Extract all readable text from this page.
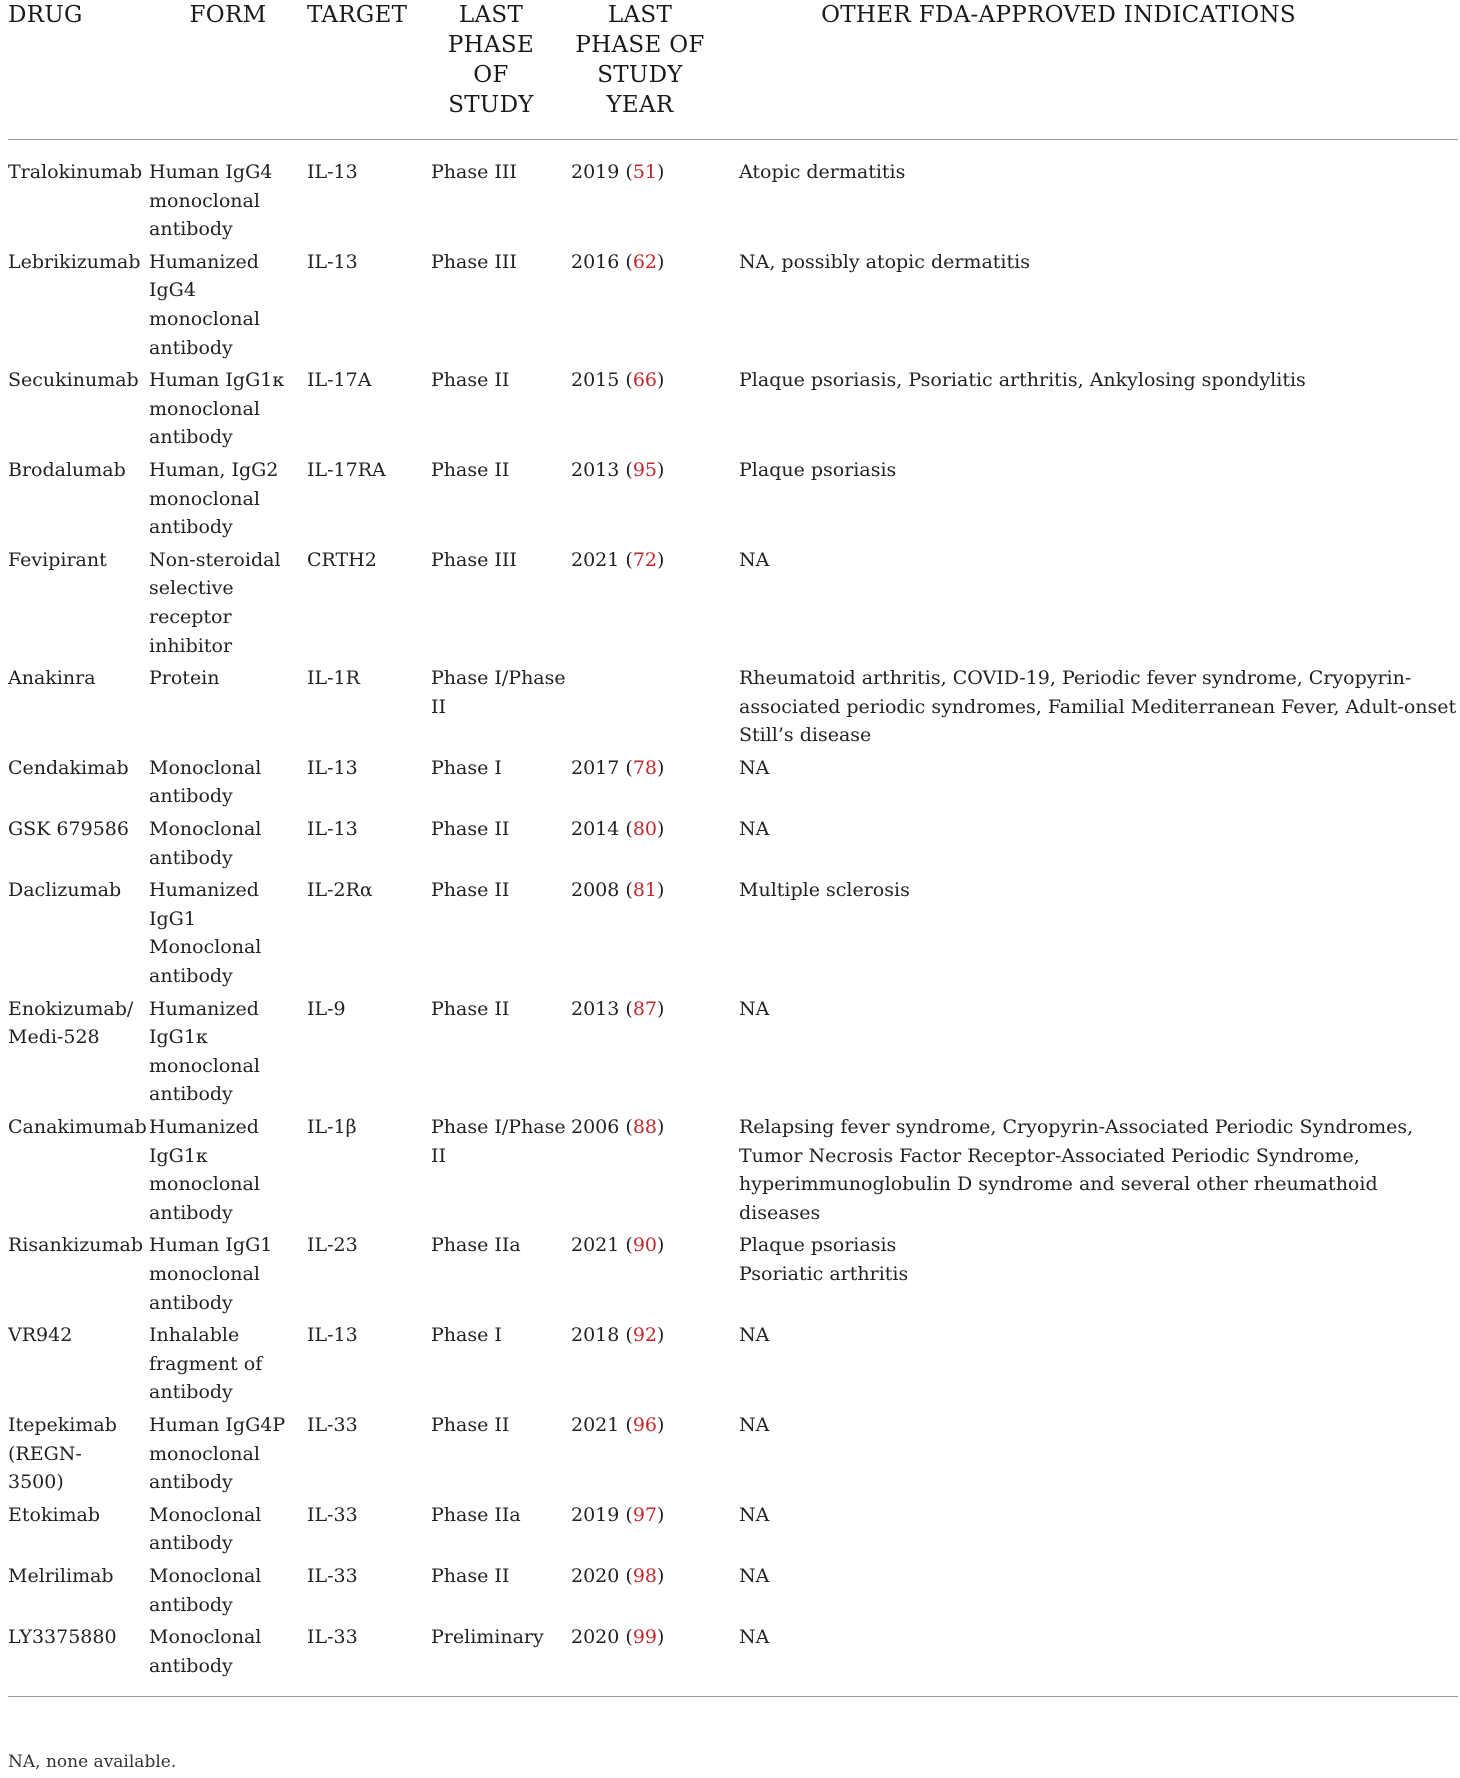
DRUG	FORM	TARGET	LAST PHASE OF STUDY	LAST PHASE OF STUDY YEAR	OTHER FDA-APPROVED INDICATIONS
Tralokinumab	Human IgG4 monoclonal antibody	IL-13	Phase III	2019 (51)	Atopic dermatitis
Lebrikizumab	Humanized IgG4 monoclonal antibody	IL-13	Phase III	2016 (62)	NA, possibly atopic dermatitis
Secukinumab	Human IgG1κ monoclonal antibody	IL-17A	Phase II	2015 (66)	Plaque psoriasis, Psoriatic arthritis, Ankylosing spondylitis
Brodalumab	Human, IgG2 monoclonal antibody	IL-17RA	Phase II	2013 (95)	Plaque psoriasis
Fevipirant	Non-steroidal selective receptor inhibitor	CRTH2	Phase III	2021 (72)	NA
Anakinra	Protein	IL-1R	Phase I/Phase II		Rheumatoid arthritis, COVID-19, Periodic fever syndrome, Cryopyrin-associated periodic syndromes, Familial Mediterranean Fever, Adult-onset Still’s disease
Cendakimab	Monoclonal antibody	IL-13	Phase I	2017 (78)	NA
GSK 679586	Monoclonal antibody	IL-13	Phase II	2014 (80)	NA
Daclizumab	Humanized IgG1 Monoclonal antibody	IL-2Rα	Phase II	2008 (81)	Multiple sclerosis
Enokizumab/ Medi-528	Humanized IgG1κ monoclonal antibody	IL-9	Phase II	2013 (87)	NA
Canakimumab	Humanized IgG1κ monoclonal antibody	IL-1β	Phase I/Phase II	2006 (88)	Relapsing fever syndrome, Cryopyrin-Associated Periodic Syndromes, Tumor Necrosis Factor Receptor-Associated Periodic Syndrome, hyperimmunoglobulin D syndrome and several other rheumathoid diseases
Risankizumab	Human IgG1 monoclonal antibody	IL-23	Phase IIa	2021 (90)	Plaque psoriasis
Psoriatic arthritis
VR942	Inhalable fragment of antibody	IL-13	Phase I	2018 (92)	NA
Itepekimab (REGN-3500)	Human IgG4P monoclonal antibody	IL-33	Phase II	2021 (96)	NA
Etokimab	Monoclonal antibody	IL-33	Phase IIa	2019 (97)	NA
Melrilimab	Monoclonal antibody	IL-33	Phase II	2020 (98)	NA
LY3375880	Monoclonal antibody	IL-33	Preliminary	2020 (99)	NA
NA, none available.
